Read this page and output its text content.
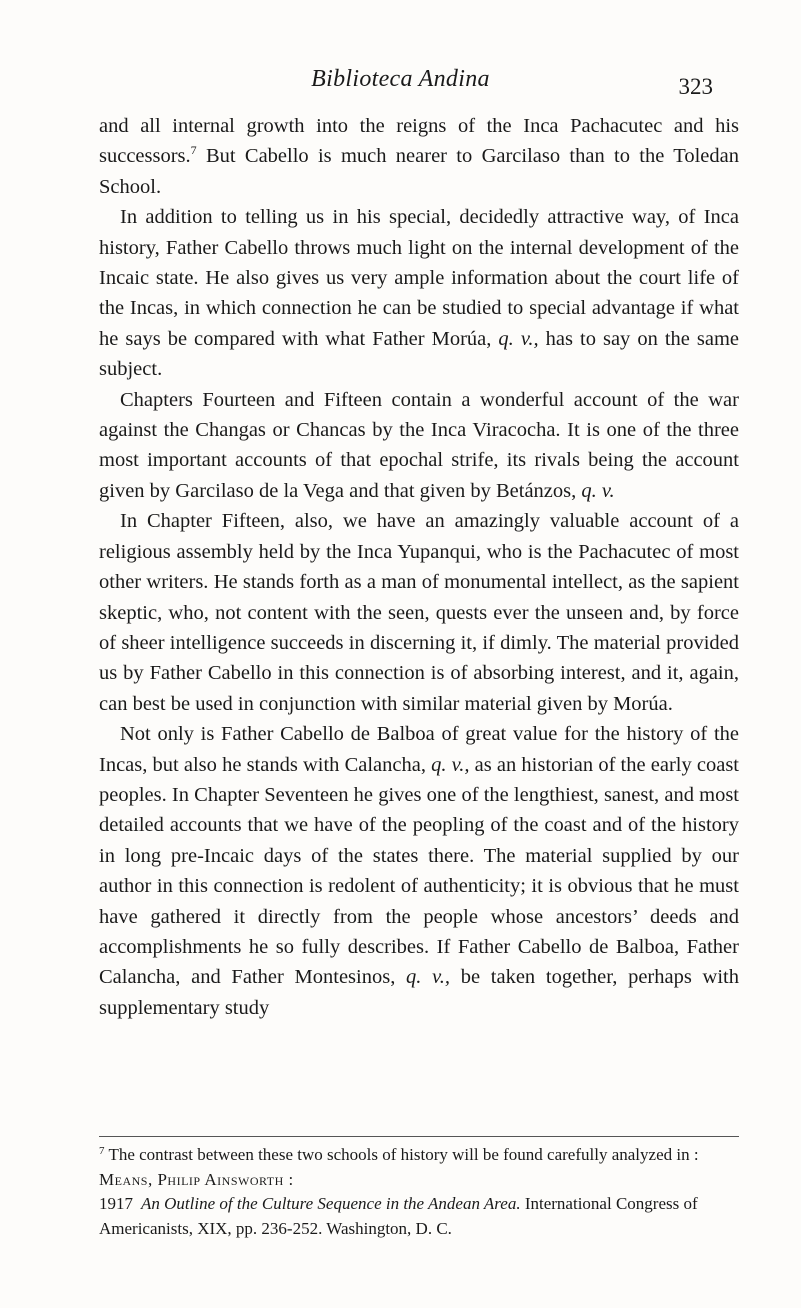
Biblioteca Andina	323

and all internal growth into the reigns of the Inca Pachacutec and his successors.$^7$ But Cabello is much nearer to Garcilaso than to the Toledan School.

In addition to telling us in his special, decidedly attractive way, of Inca history, Father Cabello throws much light on the internal development of the Incaic state. He also gives us very ample information about the court life of the Incas, in which connection he can be studied to special advantage if what he says be compared with what Father Morúa, q. v., has to say on the same subject.

Chapters Fourteen and Fifteen contain a wonderful account of the war against the Changas or Chancas by the Inca Viracocha. It is one of the three most important accounts of that epochal strife, its rivals being the account given by Garcilaso de la Vega and that given by Betánzos, q. v.

In Chapter Fifteen, also, we have an amazingly valuable account of a religious assembly held by the Inca Yupanqui, who is the Pachacutec of most other writers. He stands forth as a man of monumental intellect, as the sapient skeptic, who, not content with the seen, quests ever the unseen and, by force of sheer intelligence succeeds in discerning it, if dimly. The material provided us by Father Cabello in this connection is of absorbing interest, and it, again, can best be used in conjunction with similar material given by Morúa.

Not only is Father Cabello de Balboa of great value for the history of the Incas, but also he stands with Calancha, q. v., as an historian of the early coast peoples. In Chapter Seventeen he gives one of the lengthiest, sanest, and most detailed accounts that we have of the peopling of the coast and of the history in long pre-Incaic days of the states there. The material supplied by our author in this connection is redolent of authenticity; it is obvious that he must have gathered it directly from the people whose ancestors’ deeds and accomplishments he so fully describes. If Father Cabello de Balboa, Father Calancha, and Father Montesinos, q. v., be taken together, perhaps with supplementary study

$^7$ The contrast between these two schools of history will be found carefully analyzed in :

Means, Philip Ainsworth :

1917 An Outline of the Culture Sequence in the Andean Area. International Congress of Americanists, XIX, pp. 236-252. Washington, D. C.
